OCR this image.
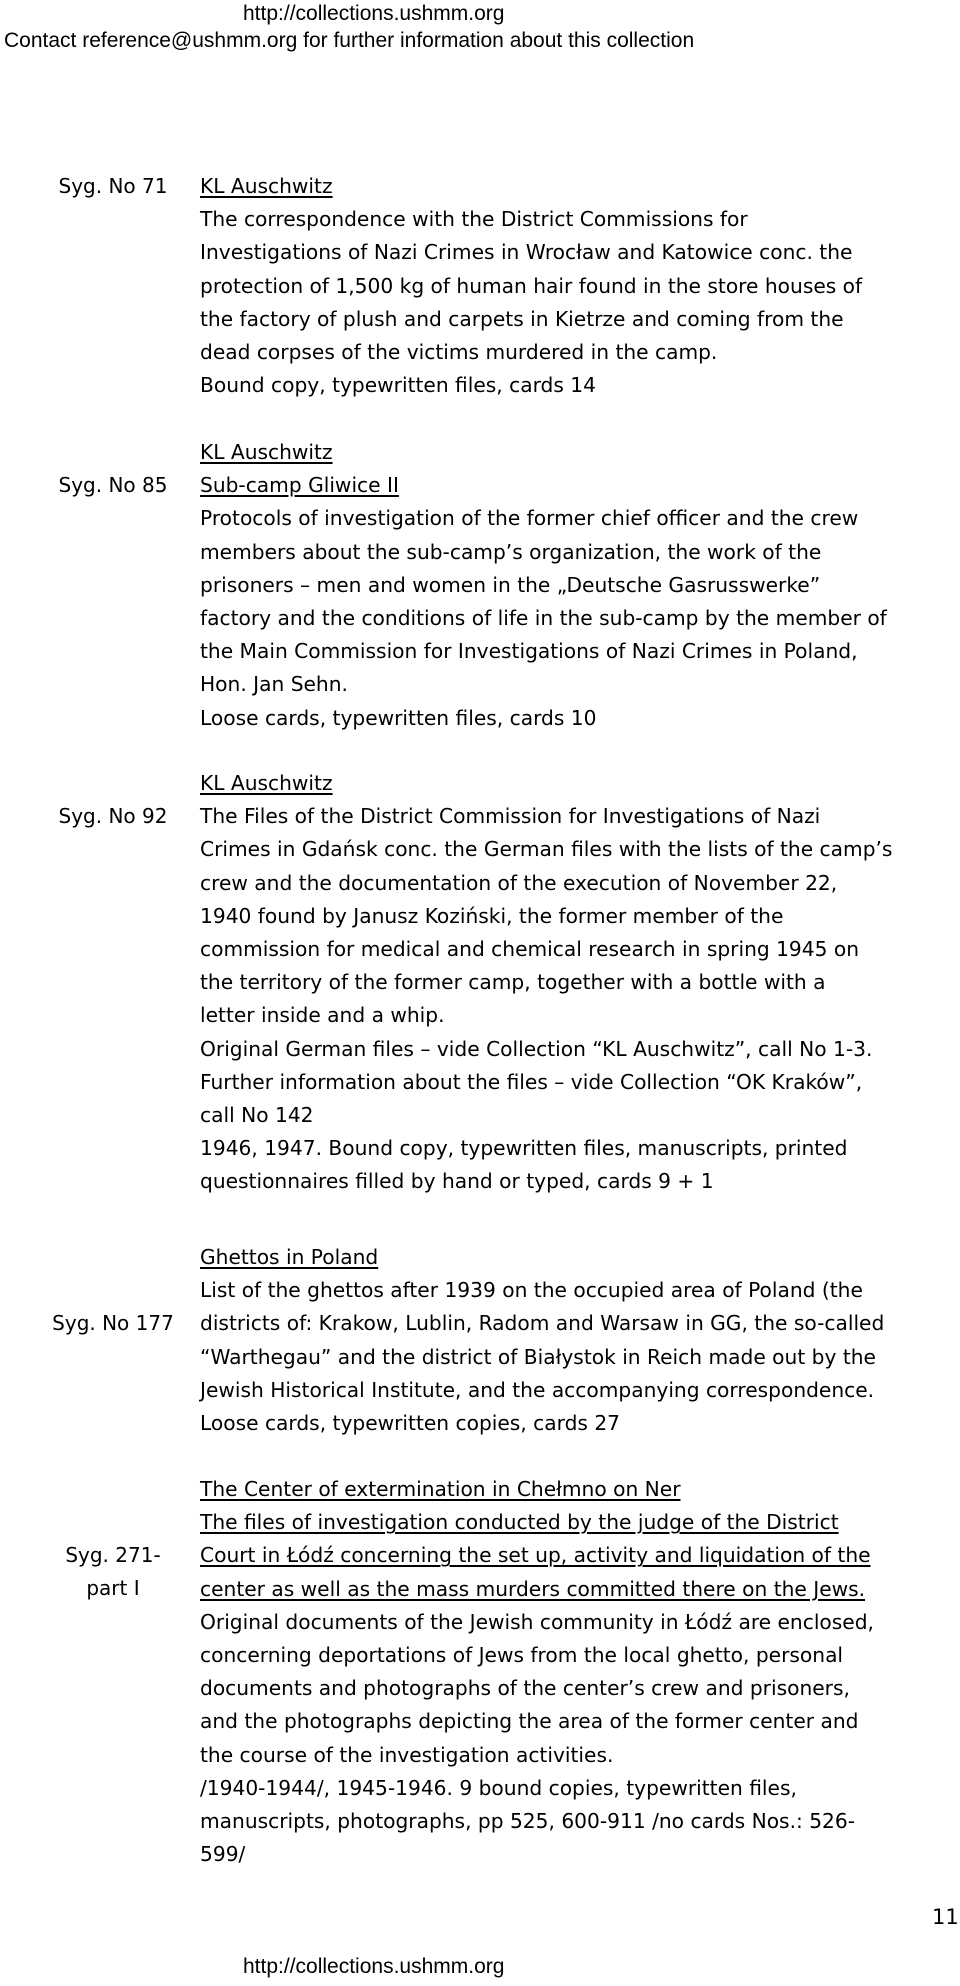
http://collections.ushmm.org
Contact reference@ushmm.org for further information about this collection
Syg. No 71	KL Auschwitz
The correspondence with the District Commissions for
Investigations of Nazi Crimes in Wrocław and Katowice conc. the
protection of 1,500 kg of human hair found in the store houses of
the factory of plush and carpets in Kietrze and coming from the
dead corpses of the victims murdered in the camp.
Bound copy, typewritten files, cards 14
Syg. No 85
KL Auschwitz
Sub-camp Gliwice II
Protocols of investigation of the former chief officer and the crew
members about the sub-camp’s organization, the work of the
prisoners – men and women in the „Deutsche Gasrusswerke”
factory and the conditions of life in the sub-camp by the member of
the Main Commission for Investigations of Nazi Crimes in Poland,
Hon. Jan Sehn.
Loose cards, typewritten files, cards 10
Syg. No 92
KL Auschwitz
The Files of the District Commission for Investigations of Nazi
Crimes in Gdańsk conc. the German files with the lists of the camp’s
crew and the documentation of the execution of November 22,
1940 found by Janusz Koziński, the former member of the
commission for medical and chemical research in spring 1945 on
the territory of the former camp, together with a bottle with a
letter inside and a whip.
Original German files – vide Collection “KL Auschwitz”, call No 1-3.
Further information about the files – vide Collection “OK Kraków”,
call No 142
1946, 1947. Bound copy, typewritten files, manuscripts, printed
questionnaires filled by hand or typed, cards 9 + 1
Syg. No 177
Ghettos in Poland
List of the ghettos after 1939 on the occupied area of Poland (the
districts of: Krakow, Lublin, Radom and Warsaw in GG, the so-called
“Warthegau” and the district of Białystok in Reich made out by the
Jewish Historical Institute, and the accompanying correspondence.
Loose cards, typewritten copies, cards 27
Syg. 271-
part I
The Center of extermination in Chełmno on Ner
The files of investigation conducted by the judge of the District
Court in Łódź concerning the set up, activity and liquidation of the
center as well as the mass murders committed there on the Jews.
Original documents of the Jewish community in Łódź are enclosed,
concerning deportations of Jews from the local ghetto, personal
documents and photographs of the center’s crew and prisoners,
and the photographs depicting the area of the former center and
the course of the investigation activities.
/1940-1944/, 1945-1946. 9 bound copies, typewritten files,
manuscripts, photographs, pp 525, 600-911 /no cards Nos.: 526-
599/
11
http://collections.ushmm.org
